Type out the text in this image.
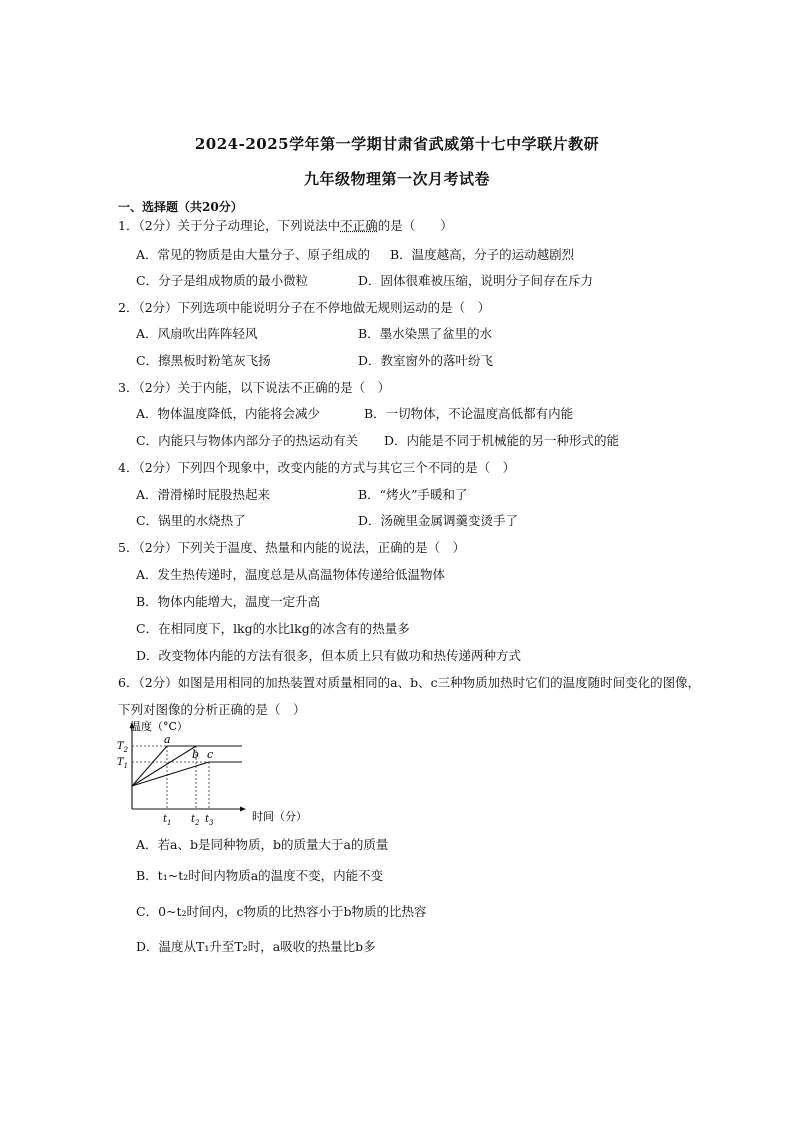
2024-2025学年第一学期甘肃省武威第十七中学联片教研
九年级物理第一次月考试卷
一、选择题（共20分）
1．（2分）关于分子动理论，下列说法中不正确的是（　　）
A．常见的物质是由大量分子、原子组成的 B．温度越高，分子的运动越剧烈
C．分子是组成物质的最小微粒	D．固体很难被压缩，说明分子间存在斥力
2．（2分）下列选项中能说明分子在不停地做无规则运动的是（　）
A．风扇吹出阵阵轻风	B．墨水染黑了盆里的水
C．擦黑板时粉笔灰飞扬	D．教室窗外的落叶纷飞
3．（2分）关于内能，以下说法不正确的是（　）
A．物体温度降低，内能将会减少	B．一切物体，不论温度高低都有内能
C．内能只与物体内部分子的热运动有关 D．内能是不同于机械能的另一种形式的能
4．（2分）下列四个现象中，改变内能的方式与其它三个不同的是（　）
A．滑滑梯时屁股热起来	B．“烤火”手暖和了
C．锅里的水烧热了	D．汤碗里金属调羹变烫手了
5．（2分）下列关于温度、热量和内能的说法，正确的是（　）
A．发生热传递时，温度总是从高温物体传递给低温物体
B．物体内能增大，温度一定升高
C．在相同度下，lkg的水比lkg的冰含有的热量多
D．改变物体内能的方法有很多，但本质上只有做功和热传递两种方式
6．（2分）如图是用相同的加热装置对质量相同的a、b、c三种物质加热时它们的温度随时间变化的图像，
下列对图像的分析正确的是（　）
温度（°C）
时间（分）
a
b c
$T_2$
$T_1$
$t_1$ $t_2$ $t_3$
A．若a、b是同种物质，b的质量大于a的质量
B．t₁~t₂时间内物质a的温度不变，内能不变
C．0~t₂时间内，c物质的比热容小于b物质的比热容
D．温度从T₁升至T₂时，a吸收的热量比b多
